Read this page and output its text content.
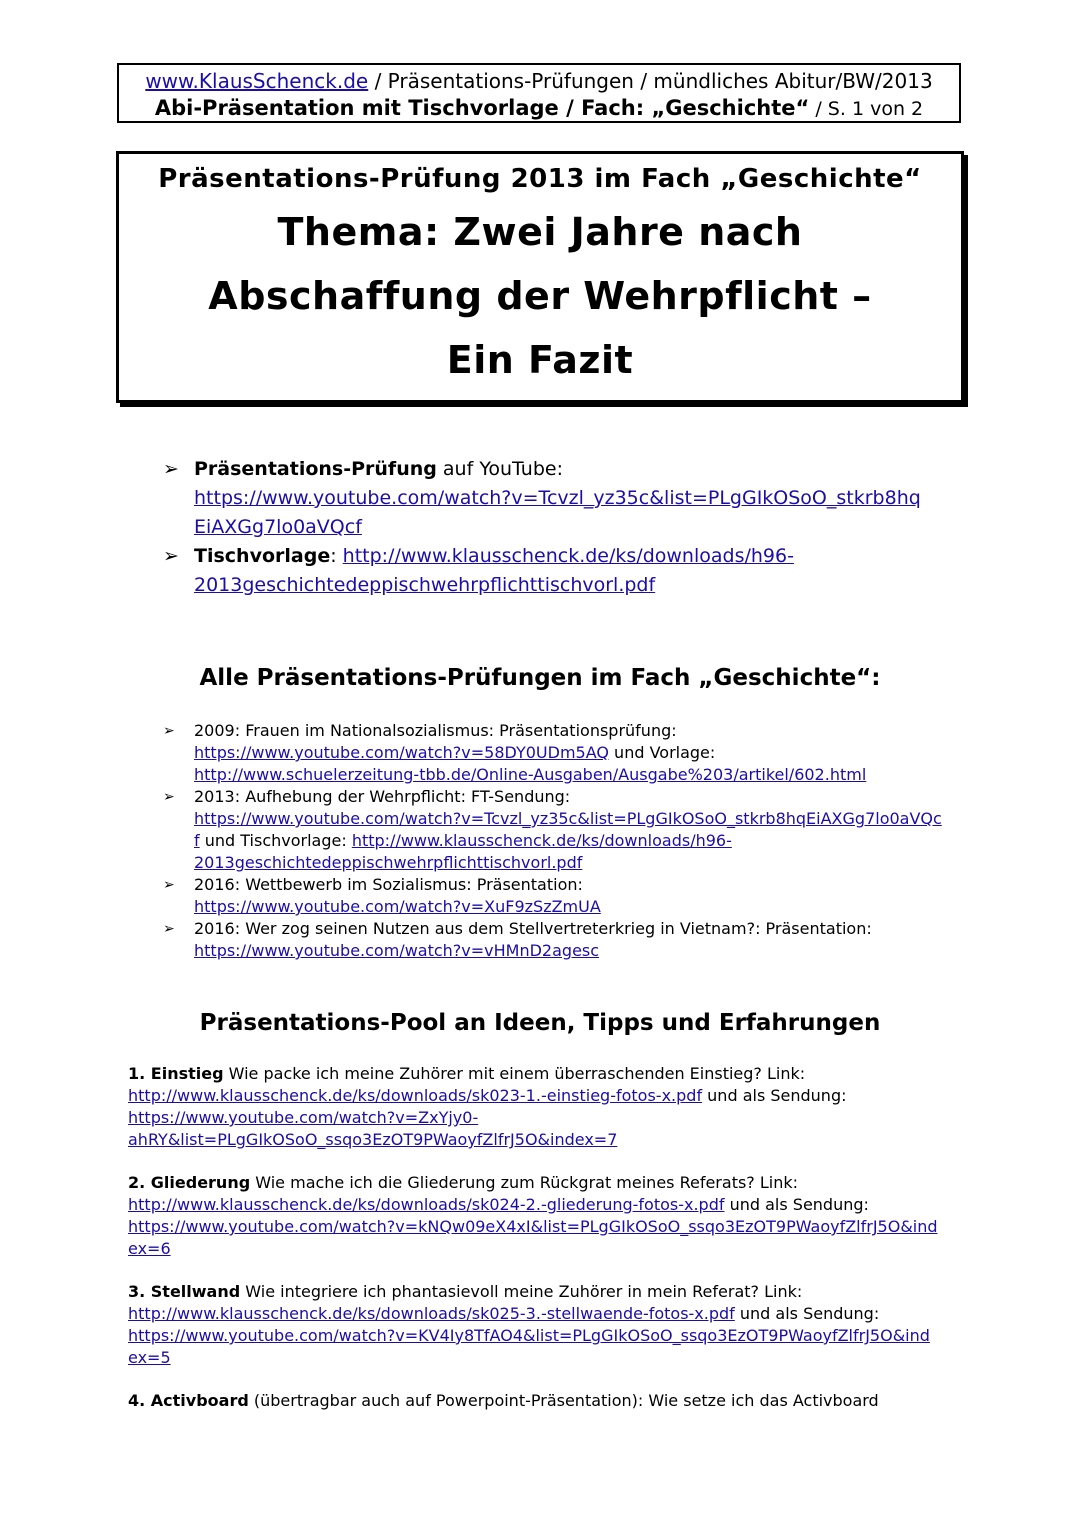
www.KlausSchenck.de / Präsentations-Prüfungen / mündliches Abitur/BW/2013
Abi-Präsentation mit Tischvorlage / Fach: „Geschichte“ / S. 1 von 2
Präsentations-Prüfung 2013 im Fach „Geschichte“
Thema: Zwei Jahre nach
Abschaffung der Wehrpflicht –
Ein Fazit
➢ Präsentations-Prüfung auf YouTube:
https://www.youtube.com/watch?v=Tcvzl_yz35c&list=PLgGIkOSoO_stkrb8hq
EiAXGg7lo0aVQcf
➢ Tischvorlage: http://www.klausschenck.de/ks/downloads/h96-
2013geschichtedeppischwehrpflichttischvorl.pdf
Alle Präsentations-Prüfungen im Fach „Geschichte“:
➢ 2009: Frauen im Nationalsozialismus: Präsentationsprüfung:
https://www.youtube.com/watch?v=58DY0UDm5AQ und Vorlage:
http://www.schuelerzeitung-tbb.de/Online-Ausgaben/Ausgabe%203/artikel/602.html
➢ 2013: Aufhebung der Wehrpflicht: FT-Sendung:
https://www.youtube.com/watch?v=Tcvzl_yz35c&list=PLgGIkOSoO_stkrb8hqEiAXGg7lo0aVQc
f und Tischvorlage: http://www.klausschenck.de/ks/downloads/h96-
2013geschichtedeppischwehrpflichttischvorl.pdf
➢ 2016: Wettbewerb im Sozialismus: Präsentation:
https://www.youtube.com/watch?v=XuF9zSzZmUA
➢ 2016: Wer zog seinen Nutzen aus dem Stellvertreterkrieg in Vietnam?: Präsentation:
https://www.youtube.com/watch?v=vHMnD2agesc
Präsentations-Pool an Ideen, Tipps und Erfahrungen
1. Einstieg Wie packe ich meine Zuhörer mit einem überraschenden Einstieg? Link:
http://www.klausschenck.de/ks/downloads/sk023-1.-einstieg-fotos-x.pdf und als Sendung:
https://www.youtube.com/watch?v=ZxYjy0-
ahRY&list=PLgGIkOSoO_ssqo3EzOT9PWaoyfZlfrJ5O&index=7
2. Gliederung Wie mache ich die Gliederung zum Rückgrat meines Referats? Link:
http://www.klausschenck.de/ks/downloads/sk024-2.-gliederung-fotos-x.pdf und als Sendung:
https://www.youtube.com/watch?v=kNQw09eX4xI&list=PLgGIkOSoO_ssqo3EzOT9PWaoyfZlfrJ5O&ind
ex=6
3. Stellwand Wie integriere ich phantasievoll meine Zuhörer in mein Referat? Link:
http://www.klausschenck.de/ks/downloads/sk025-3.-stellwaende-fotos-x.pdf und als Sendung:
https://www.youtube.com/watch?v=KV4Iy8TfAO4&list=PLgGIkOSoO_ssqo3EzOT9PWaoyfZlfrJ5O&ind
ex=5
4. Activboard (übertragbar auch auf Powerpoint-Präsentation): Wie setze ich das Activboard
